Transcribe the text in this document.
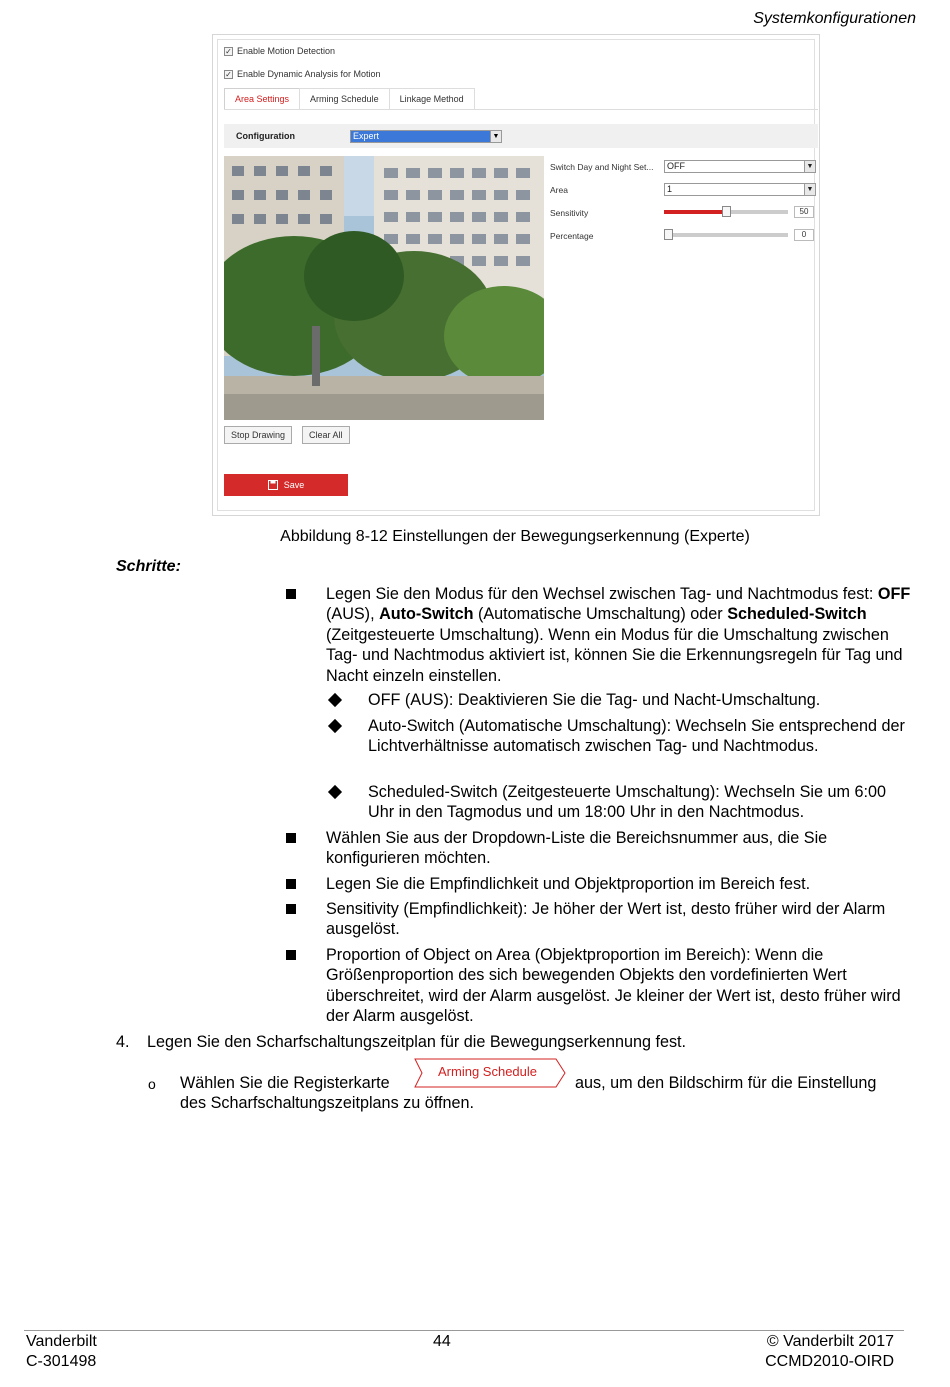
Systemkonfigurationen
✓ Enable Motion Detection
✓ Enable Dynamic Analysis for Motion
Area Settings	Arming Schedule	Linkage Method
Configuration	Expert	▼
Switch Day and Night Set...	OFF	▼
Area	1	▼
Sensitivity	50
Percentage	0
Stop Drawing	Clear All
Save
Abbildung 8-12 Einstellungen der Bewegungserkennung (Experte)
Schritte:
Legen Sie den Modus für den Wechsel zwischen Tag- und Nachtmodus fest: OFF (AUS), Auto-Switch (Automatische Umschaltung) oder Scheduled-Switch (Zeitgesteuerte Umschaltung). Wenn ein Modus für die Umschaltung zwischen Tag- und Nachtmodus aktiviert ist, können Sie die Erkennungsregeln für Tag und Nacht einzeln einstellen.
OFF (AUS): Deaktivieren Sie die Tag- und Nacht-Umschaltung.
Auto-Switch (Automatische Umschaltung): Wechseln Sie entsprechend der Lichtverhältnisse automatisch zwischen Tag- und Nachtmodus.
Scheduled-Switch (Zeitgesteuerte Umschaltung): Wechseln Sie um 6:00 Uhr in den Tagmodus und um 18:00 Uhr in den Nachtmodus.
Wählen Sie aus der Dropdown-Liste die Bereichsnummer aus, die Sie konfigurieren möchten.
Legen Sie die Empfindlichkeit und Objektproportion im Bereich fest.
Sensitivity (Empfindlichkeit): Je höher der Wert ist, desto früher wird der Alarm ausgelöst.
Proportion of Object on Area (Objektproportion im Bereich): Wenn die Größenproportion des sich bewegenden Objekts den vordefinierten Wert überschreitet, wird der Alarm ausgelöst. Je kleiner der Wert ist, desto früher wird der Alarm ausgelöst.
4. Legen Sie den Scharfschaltungszeitplan für die Bewegungserkennung fest.
o Wählen Sie die Registerkarte
Arming Schedule
aus, um den Bildschirm für die Einstellung
des Scharfschaltungszeitplans zu öffnen.
Vanderbilt
C-301498
44	© Vanderbilt 2017
CCMD2010-OIRD
